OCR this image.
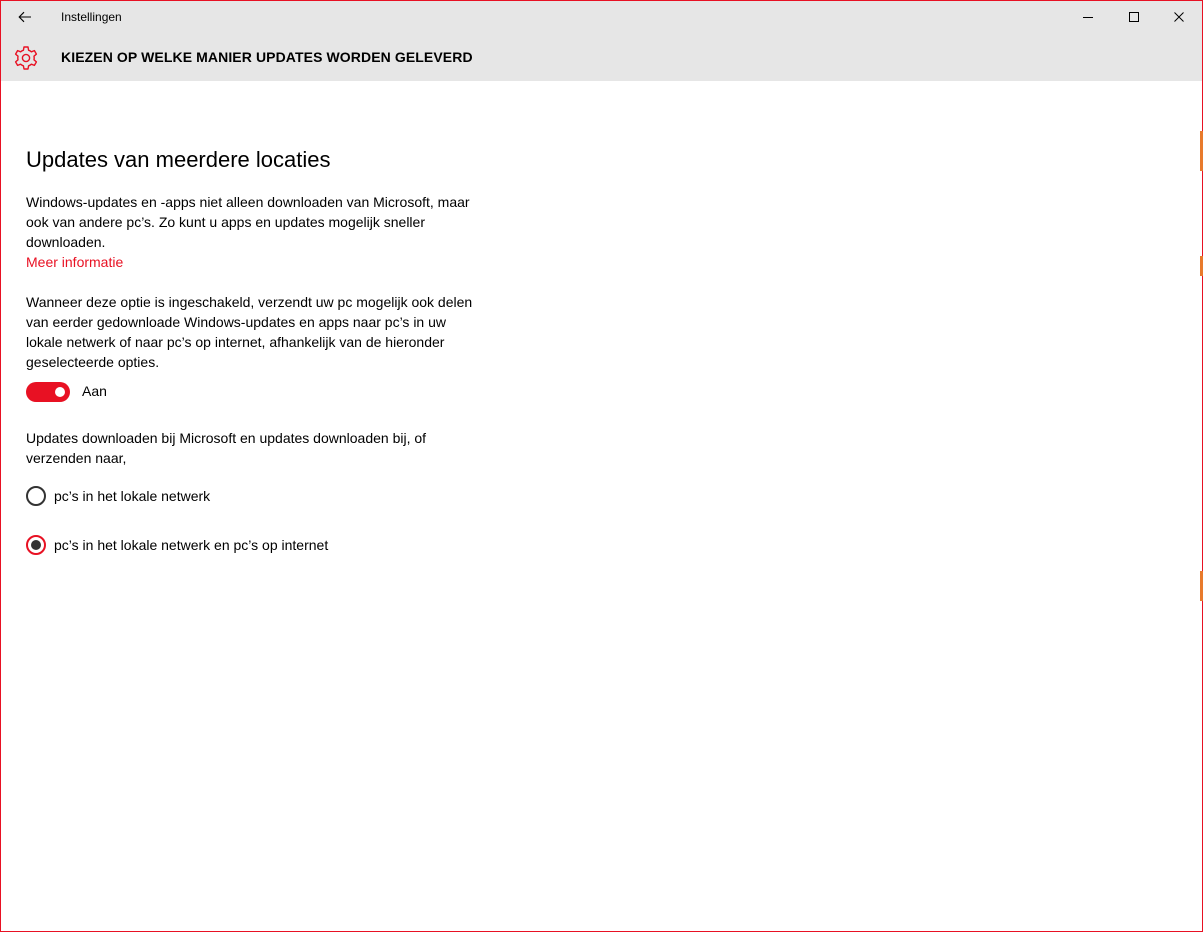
Instellingen
KIEZEN OP WELKE MANIER UPDATES WORDEN GELEVERD
Updates van meerdere locaties
Windows-updates en -apps niet alleen downloaden van Microsoft, maar ook van andere pc’s. Zo kunt u apps en updates mogelijk sneller downloaden.
Meer informatie
Wanneer deze optie is ingeschakeld, verzendt uw pc mogelijk ook delen van eerder gedownloade Windows-updates en apps naar pc’s in uw lokale netwerk of naar pc’s op internet, afhankelijk van de hieronder geselecteerde opties.
Aan
Updates downloaden bij Microsoft en updates downloaden bij, of verzenden naar,
pc’s in het lokale netwerk
pc’s in het lokale netwerk en pc’s op internet
